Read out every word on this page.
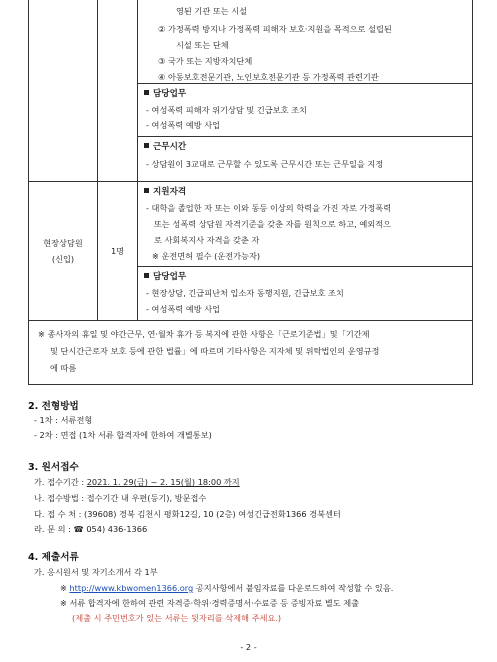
영된 기관 또는 시설
② 가정폭력 방지나 가정폭력 피해자 보호·지원을 목적으로 설립된
시설 또는 단체
③ 국가 또는 지방자치단체
④ 아동보호전문기관, 노인보호전문기관 등 가정폭력 관련기관
담당업무
- 여성폭력 피해자 위기상담 및 긴급보호 조치
- 여성폭력 예방 사업
근무시간
- 상담원이 3교대로 근무할 수 있도록 근무시간 또는 근무일을 지정
현장상담원
(신입)
1명
지원자격
- 대학을 졸업한 자 또는 이와 동등 이상의 학력을 가진 자로 가정폭력
또는 성폭력 상담원 자격기준을 갖춘 자를 원칙으로 하고, 예외적으
로 사회복지사 자격을 갖춘 자
※ 운전면허 필수 (운전가능자)
담당업무
- 현장상담, 긴급피난처 입소자 동행지원, 긴급보호 조치
- 여성폭력 예방 사업
※ 종사자의 휴일 및 야간근무, 연·월차 휴가 등 복지에 관한 사항은「근로기준법」및「기간제
및 단시간근로자 보호 등에 관한 법률」에 따르며 기타사항은 지자체 및 위탁법인의 운영규정
에 따름
2. 전형방법
- 1차 : 서류전형
- 2차 : 면접 (1차 서류 합격자에 한하여 개별통보)
3. 원서접수
가. 접수기간 : 2021. 1. 29(금) ~ 2. 15(월) 18:00 까지
나. 접수방법 : 접수기간 내 우편(등기), 방문접수
다. 접 수 처 : (39608) 경북 김천시 평화12길, 10 (2층) 여성긴급전화1366 경북센터
라. 문 의 : ☎ 054) 436-1366
4. 제출서류
가. 응시원서 및 자기소개서 각 1부
※ http://www.kbwomen1366.org 공지사항에서 붙임자료를 다운로드하여 작성할 수 있음.
※ 서류 합격자에 한하여 관련 자격증·학위·경력증명서·수료증 등 증빙자료 별도 제출
(제출 시 주민번호가 있는 서류는 뒷자리를 삭제해 주세요.)
- 2 -
